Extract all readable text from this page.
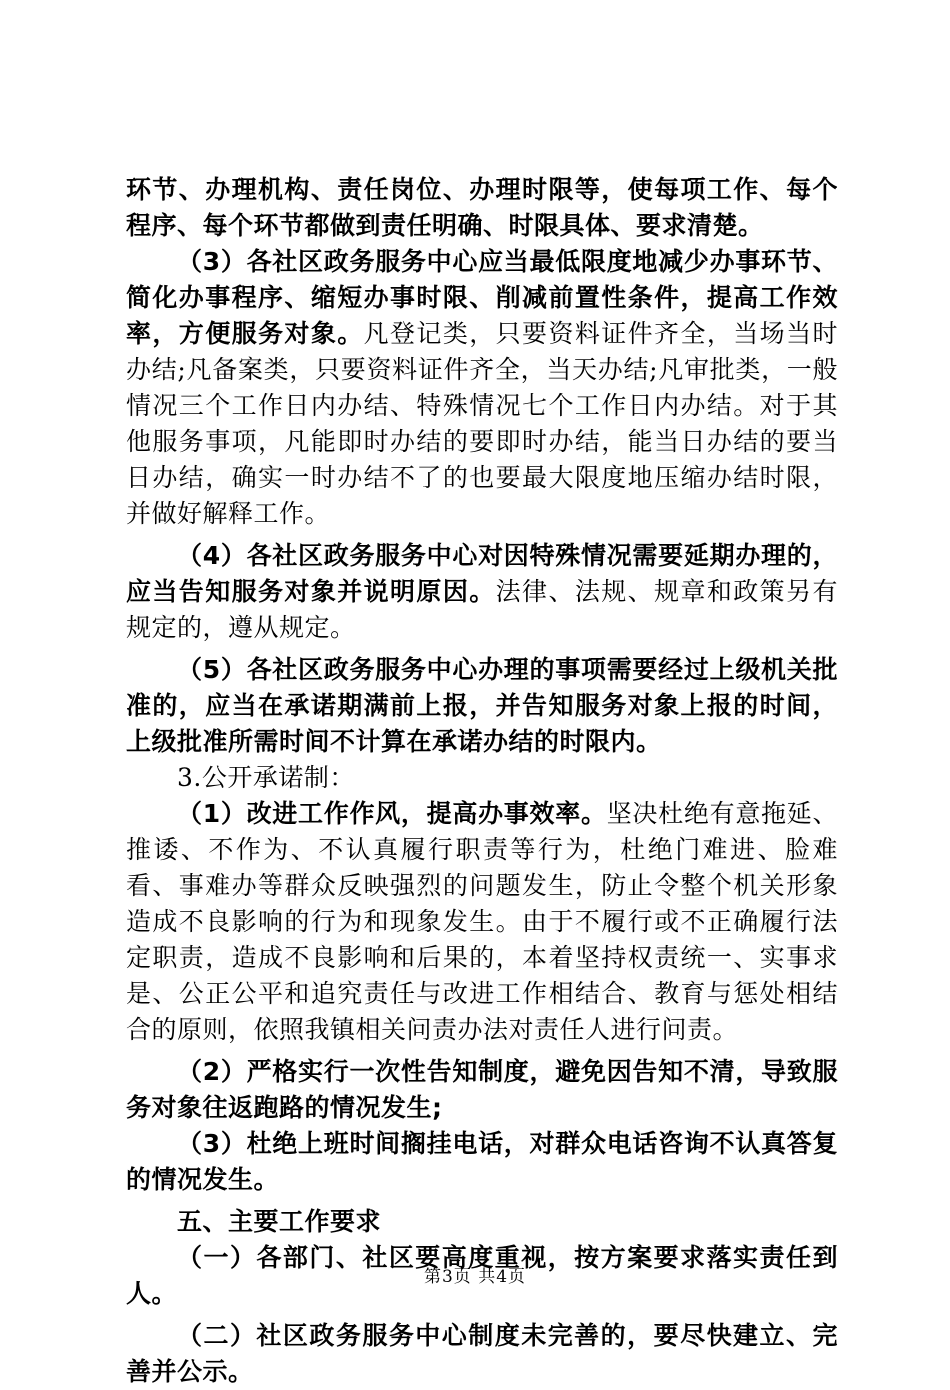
环节、办理机构、责任岗位、办理时限等，使每项工作、每个程序、每个环节都做到责任明确、时限具体、要求清楚。

（3）各社区政务服务中心应当最低限度地减少办事环节、简化办事程序、缩短办事时限、削减前置性条件，提高工作效率，方便服务对象。凡登记类，只要资料证件齐全，当场当时办结;凡备案类，只要资料证件齐全，当天办结;凡审批类，一般情况三个工作日内办结、特殊情况七个工作日内办结。对于其他服务事项，凡能即时办结的要即时办结，能当日办结的要当日办结，确实一时办结不了的也要最大限度地压缩办结时限，并做好解释工作。

（4）各社区政务服务中心对因特殊情况需要延期办理的，应当告知服务对象并说明原因。法律、法规、规章和政策另有规定的，遵从规定。

（5）各社区政务服务中心办理的事项需要经过上级机关批准的，应当在承诺期满前上报，并告知服务对象上报的时间，上级批准所需时间不计算在承诺办结的时限内。

3.公开承诺制：

（1）改进工作作风，提高办事效率。坚决杜绝有意拖延、推诿、不作为、不认真履行职责等行为，杜绝门难进、脸难看、事难办等群众反映强烈的问题发生，防止令整个机关形象造成不良影响的行为和现象发生。由于不履行或不正确履行法定职责，造成不良影响和后果的，本着坚持权责统一、实事求是、公正公平和追究责任与改进工作相结合、教育与惩处相结合的原则，依照我镇相关问责办法对责任人进行问责。

（2）严格实行一次性告知制度，避免因告知不清，导致服务对象往返跑路的情况发生;

（3）杜绝上班时间搁挂电话，对群众电话咨询不认真答复的情况发生。

五、主要工作要求

（一）各部门、社区要高度重视，按方案要求落实责任到人。

（二）社区政务服务中心制度未完善的，要尽快建立、完善并公示。

第3页 共4页
